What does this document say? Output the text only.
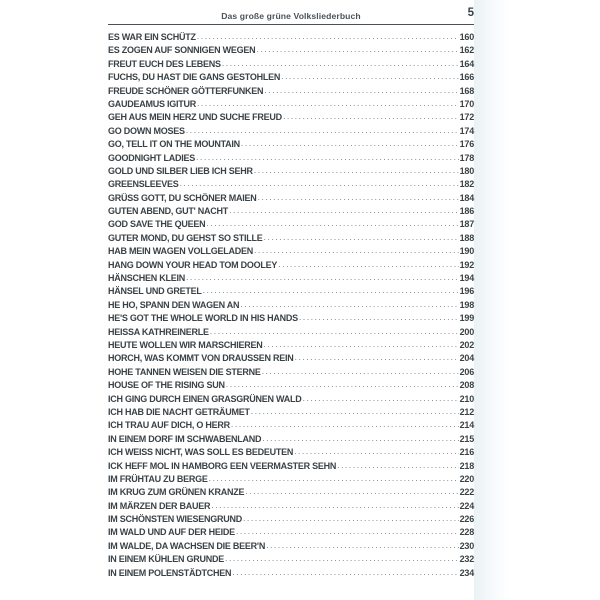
Das große grüne Volksliederbuch	5
ES WAR EIN SCHÜTZ .....	160
ES ZOGEN AUF SONNIGEN WEGEN .....	162
FREUT EUCH DES LEBENS .....	164
FUCHS, DU HAST DIE GANS GESTOHLEN .....	166
FREUDE SCHÖNER GÖTTERFUNKEN .....	168
GAUDEAMUS IGITUR .....	170
GEH AUS MEIN HERZ UND SUCHE FREUD .....	172
GO DOWN MOSES .....	174
GO, TELL IT ON THE MOUNTAIN .....	176
GOODNIGHT LADIES .....	178
GOLD UND SILBER LIEB ICH SEHR .....	180
GREENSLEEVES .....	182
GRÜSS GOTT, DU SCHÖNER MAIEN .....	184
GUTEN ABEND, GUT' NACHT .....	186
GOD SAVE THE QUEEN .....	187
GUTER MOND, DU GEHST SO STILLE .....	188
HAB MEIN WAGEN VOLLGELADEN .....	190
HANG DOWN YOUR HEAD TOM DOOLEY .....	192
HÄNSCHEN KLEIN .....	194
HÄNSEL UND GRETEL .....	196
HE HO, SPANN DEN WAGEN AN .....	198
HE'S GOT THE WHOLE WORLD IN HIS HANDS .....	199
HEISSA KATHREINERLE .....	200
HEUTE WOLLEN WIR MARSCHIEREN .....	202
HORCH, WAS KOMMT VON DRAUSSEN REIN .....	204
HOHE TANNEN WEISEN DIE STERNE .....	206
HOUSE OF THE RISING SUN .....	208
ICH GING DURCH EINEN GRASGRÜNEN WALD .....	210
ICH HAB DIE NACHT GETRÄUMET .....	212
ICH TRAU AUF DICH, O HERR .....	214
IN EINEM DORF IM SCHWABENLAND .....	215
ICH WEISS NICHT, WAS SOLL ES BEDEUTEN .....	216
ICK HEFF MOL IN HAMBORG EEN VEERMASTER SEHN .....	218
IM FRÜHTAU ZU BERGE .....	220
IM KRUG ZUM GRÜNEN KRANZE .....	222
IM MÄRZEN DER BAUER .....	224
IM SCHÖNSTEN WIESENGRUND .....	226
IM WALD UND AUF DER HEIDE .....	228
IM WALDE, DA WACHSEN DIE BEER'N .....	230
IN EINEM KÜHLEN GRUNDE .....	232
IN EINEM POLENSTÄDTCHEN .....	234
